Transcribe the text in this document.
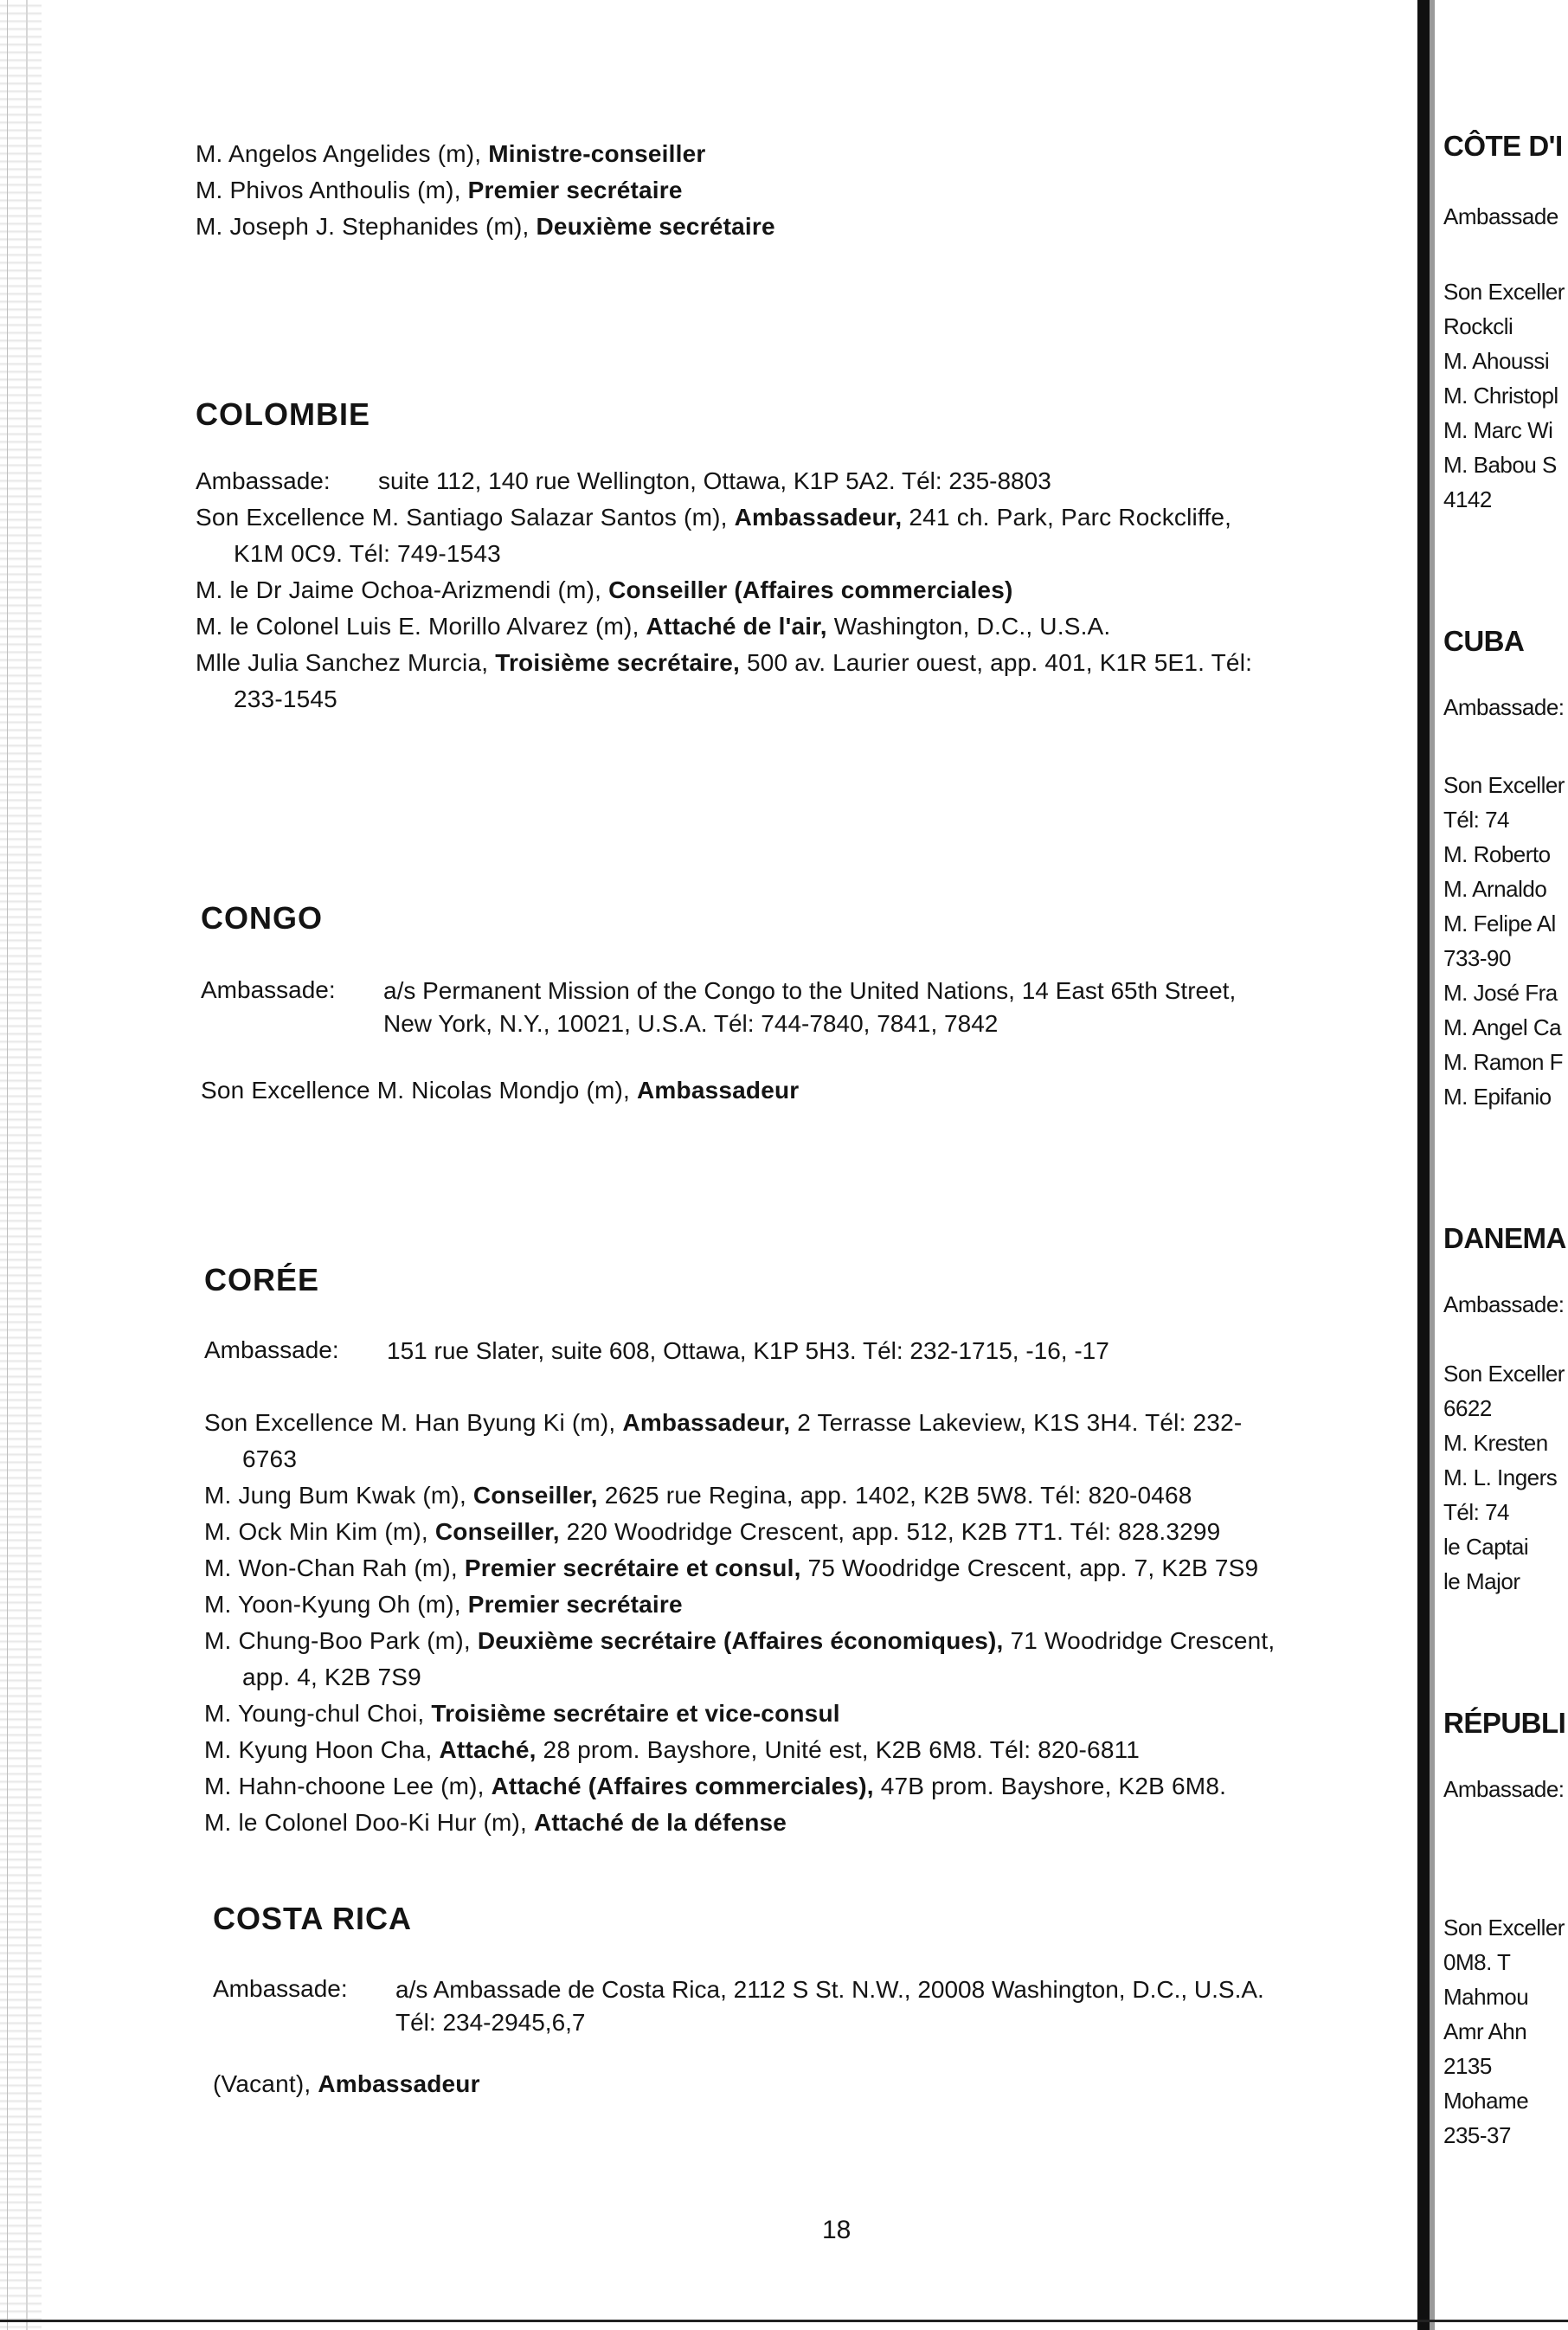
M. Angelos Angelides (m), Ministre-conseiller
M. Phivos Anthoulis (m), Premier secrétaire
M. Joseph J. Stephanides (m), Deuxième secrétaire
COLOMBIE
Ambassade: suite 112, 140 rue Wellington, Ottawa, K1P 5A2. Tél: 235-8803
Son Excellence M. Santiago Salazar Santos (m), Ambassadeur, 241 ch. Park, Parc Rockcliffe,
K1M 0C9. Tél: 749-1543
M. le Dr Jaime Ochoa-Arizmendi (m), Conseiller (Affaires commerciales)
M. le Colonel Luis E. Morillo Alvarez (m), Attaché de l'air, Washington, D.C., U.S.A.
Mlle Julia Sanchez Murcia, Troisième secrétaire, 500 av. Laurier ouest, app. 401, K1R 5E1. Tél:
233-1545
CONGO
Ambassade: a/s Permanent Mission of the Congo to the United Nations, 14 East 65th Street,
New York, N.Y., 10021, U.S.A. Tél: 744-7840, 7841, 7842
Son Excellence M. Nicolas Mondjo (m), Ambassadeur
CORÉE
Ambassade: 151 rue Slater, suite 608, Ottawa, K1P 5H3. Tél: 232-1715, -16, -17
Son Excellence M. Han Byung Ki (m), Ambassadeur, 2 Terrasse Lakeview, K1S 3H4. Tél: 232-
6763
M. Jung Bum Kwak (m), Conseiller, 2625 rue Regina, app. 1402, K2B 5W8. Tél: 820-0468
M. Ock Min Kim (m), Conseiller, 220 Woodridge Crescent, app. 512, K2B 7T1. Tél: 828.3299
M. Won-Chan Rah (m), Premier secrétaire et consul, 75 Woodridge Crescent, app. 7, K2B 7S9
M. Yoon-Kyung Oh (m), Premier secrétaire
M. Chung-Boo Park (m), Deuxième secrétaire (Affaires économiques), 71 Woodridge Crescent,
app. 4, K2B 7S9
M. Young-chul Choi, Troisième secrétaire et vice-consul
M. Kyung Hoon Cha, Attaché, 28 prom. Bayshore, Unité est, K2B 6M8. Tél: 820-6811
M. Hahn-choone Lee (m), Attaché (Affaires commerciales), 47B prom. Bayshore, K2B 6M8.
M. le Colonel Doo-Ki Hur (m), Attaché de la défense
COSTA RICA
Ambassade: a/s Ambassade de Costa Rica, 2112 S St. N.W., 20008 Washington, D.C., U.S.A.
Tél: 234-2945,6,7
(Vacant), Ambassadeur
18
CÔTE D'I
Ambassade
Son Exceller
Rockcli
M. Ahoussi
M. Christopl
M. Marc Wi
M. Babou S
4142
CUBA
Ambassade:
Son Exceller
Tél: 74
M. Roberto
M. Arnaldo
M. Felipe Al
733-90
M. José Fra
M. Angel Ca
M. Ramon F
M. Epifanio
DANEMA
Ambassade:
Son Exceller
6622
M. Kresten
M. L. Ingers
Tél: 74
le Captai
le Major
RÉPUBLI
Ambassade:
Son Exceller
0M8. T
Mahmou
Amr Ahn
2135
Mohame
235-37
